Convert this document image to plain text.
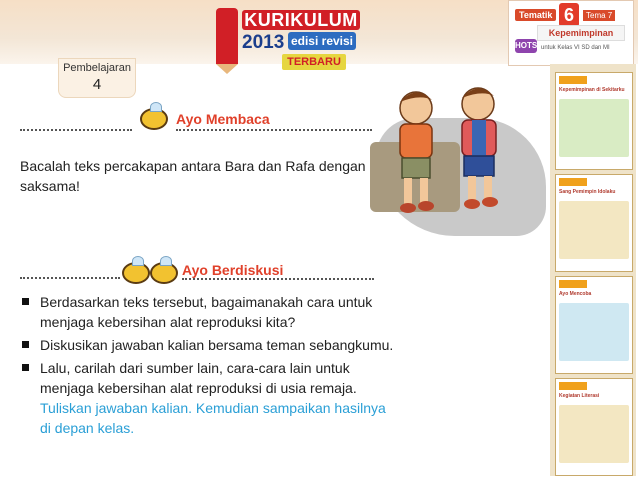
KURIKULUM
2013 edisi revisi
TERBARU
Tematik 6	Tema 7
Kepemimpinan
HOTS untuk Kelas VI SD dan MI
Pembelajaran
4
Ayo Membaca
Bacalah teks percakapan antara Bara dan Rafa dengan saksama!
Ayo Berdiskusi
Berdasarkan teks tersebut, bagaimanakah cara untuk menjaga kebersihan alat reproduksi kita?
Diskusikan jawaban kalian bersama teman sebangkumu.
Lalu, carilah dari sumber lain, cara-cara lain untuk menjaga kebersihan alat reproduksi di usia remaja. Tuliskan jawaban kalian. Kemudian sampaikan hasilnya di depan kelas.
Kepemimpinan di Sekitarku
Sang Pemimpin Idolaku
Ayo Mencoba
Kegiatan Literasi
